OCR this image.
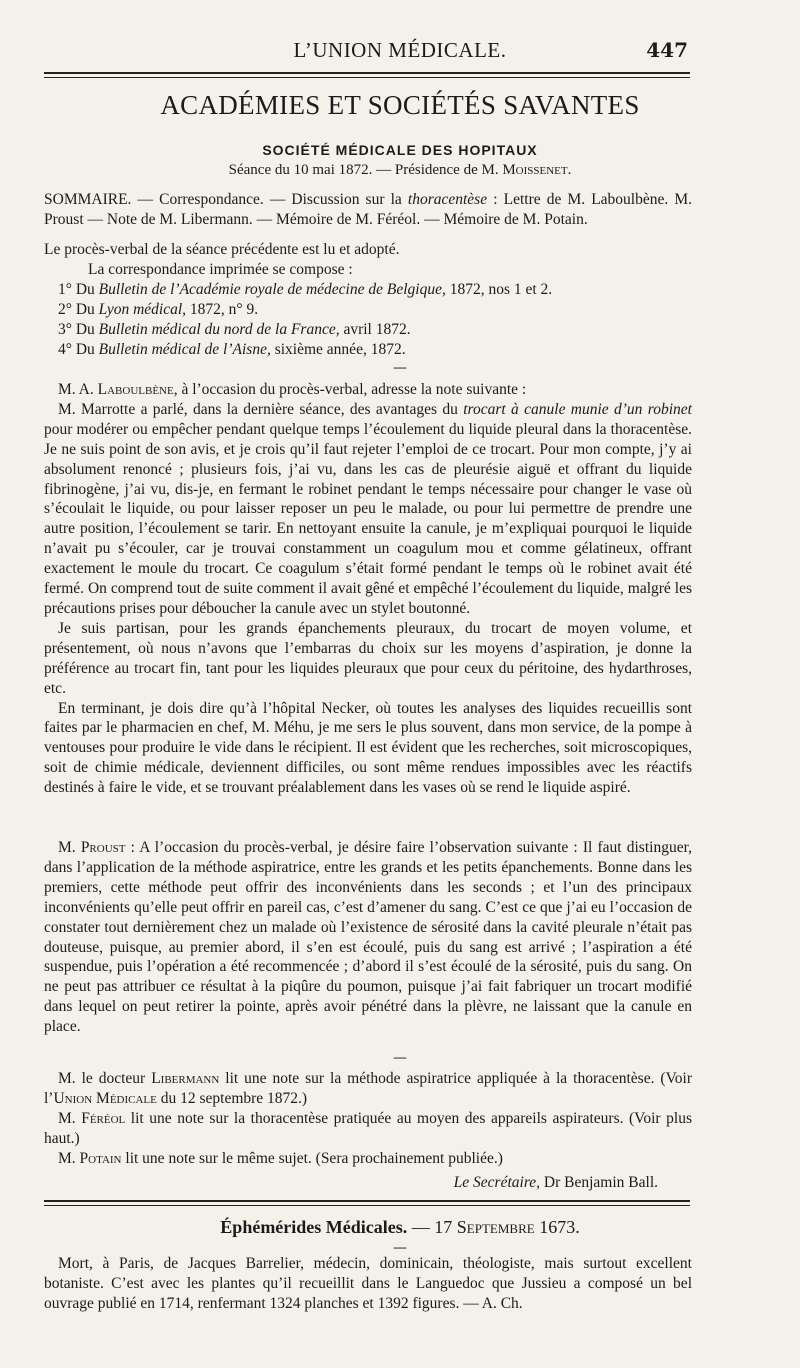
L’UNION MÉDICALE.	447
ACADÉMIES ET SOCIÉTÉS SAVANTES
SOCIÉTÉ MÉDICALE DES HOPITAUX
Séance du 10 mai 1872. — Présidence de M. Moissenet.

SOMMAIRE. — Correspondance. — Discussion sur la thoracentèse : Lettre de M. Laboulbène. M. Proust — Note de M. Libermann. — Mémoire de M. Féréol. — Mémoire de M. Potain.

Le procès-verbal de la séance précédente est lu et adopté.

La correspondance imprimée se compose :

1° Du Bulletin de l’Académie royale de médecine de Belgique, 1872, nos 1 et 2.

2° Du Lyon médical, 1872, n° 9.

3° Du Bulletin médical du nord de la France, avril 1872.

4° Du Bulletin médical de l’Aisne, sixième année, 1872.

—

M. A. Laboulbène, à l’occasion du procès-verbal, adresse la note suivante :

M. Marrotte a parlé, dans la dernière séance, des avantages du trocart à canule munie d’un robinet pour modérer ou empêcher pendant quelque temps l’écoulement du liquide pleural dans la thoracentèse. Je ne suis point de son avis, et je crois qu’il faut rejeter l’emploi de ce trocart. Pour mon compte, j’y ai absolument renoncé ; plusieurs fois, j’ai vu, dans les cas de pleurésie aiguë et offrant du liquide fibrinogène, j’ai vu, dis-je, en fermant le robinet pendant le temps nécessaire pour changer le vase où s’écoulait le liquide, ou pour laisser reposer un peu le malade, ou pour lui permettre de prendre une autre position, l’écoulement se tarir. En nettoyant ensuite la canule, je m’expliquai pourquoi le liquide n’avait pu s’écouler, car je trouvai constamment un coagulum mou et comme gélatineux, offrant exactement le moule du trocart. Ce coagulum s’était formé pendant le temps où le robinet avait été fermé. On comprend tout de suite comment il avait gêné et empêché l’écoulement du liquide, malgré les précautions prises pour déboucher la canule avec un stylet boutonné.

Je suis partisan, pour les grands épanchements pleuraux, du trocart de moyen volume, et présentement, où nous n’avons que l’embarras du choix sur les moyens d’aspiration, je donne la préférence au trocart fin, tant pour les liquides pleuraux que pour ceux du péritoine, des hydarthroses, etc.

En terminant, je dois dire qu’à l’hôpital Necker, où toutes les analyses des liquides recueillis sont faites par le pharmacien en chef, M. Méhu, je me sers le plus souvent, dans mon service, de la pompe à ventouses pour produire le vide dans le récipient. Il est évident que les recherches, soit microscopiques, soit de chimie médicale, deviennent difficiles, ou sont même rendues impossibles avec les réactifs destinés à faire le vide, et se trouvant préalablement dans les vases où se rend le liquide aspiré.

M. Proust : A l’occasion du procès-verbal, je désire faire l’observation suivante : Il faut distinguer, dans l’application de la méthode aspiratrice, entre les grands et les petits épanchements. Bonne dans les premiers, cette méthode peut offrir des inconvénients dans les seconds ; et l’un des principaux inconvénients qu’elle peut offrir en pareil cas, c’est d’amener du sang. C’est ce que j’ai eu l’occasion de constater tout dernièrement chez un malade où l’existence de sérosité dans la cavité pleurale n’était pas douteuse, puisque, au premier abord, il s’en est écoulé, puis du sang est arrivé ; l’aspiration a été suspendue, puis l’opération a été recommencée ; d’abord il s’est écoulé de la sérosité, puis du sang. On ne peut pas attribuer ce résultat à la piqûre du poumon, puisque j’ai fait fabriquer un trocart modifié dans lequel on peut retirer la pointe, après avoir pénétré dans la plèvre, ne laissant que la canule en place.

—

M. le docteur Libermann lit une note sur la méthode aspiratrice appliquée à la thoracentèse. (Voir l’Union Médicale du 12 septembre 1872.)

M. Féréol lit une note sur la thoracentèse pratiquée au moyen des appareils aspirateurs. (Voir plus haut.)

M. Potain lit une note sur le même sujet. (Sera prochainement publiée.)

Le Secrétaire, Dr Benjamin Ball.
Éphémérides Médicales. — 17 Septembre 1673.
—

Mort, à Paris, de Jacques Barrelier, médecin, dominicain, théologiste, mais surtout excellent botaniste. C’est avec les plantes qu’il recueillit dans le Languedoc que Jussieu a composé un bel ouvrage publié en 1714, renfermant 1324 planches et 1392 figures. — A. Ch.
